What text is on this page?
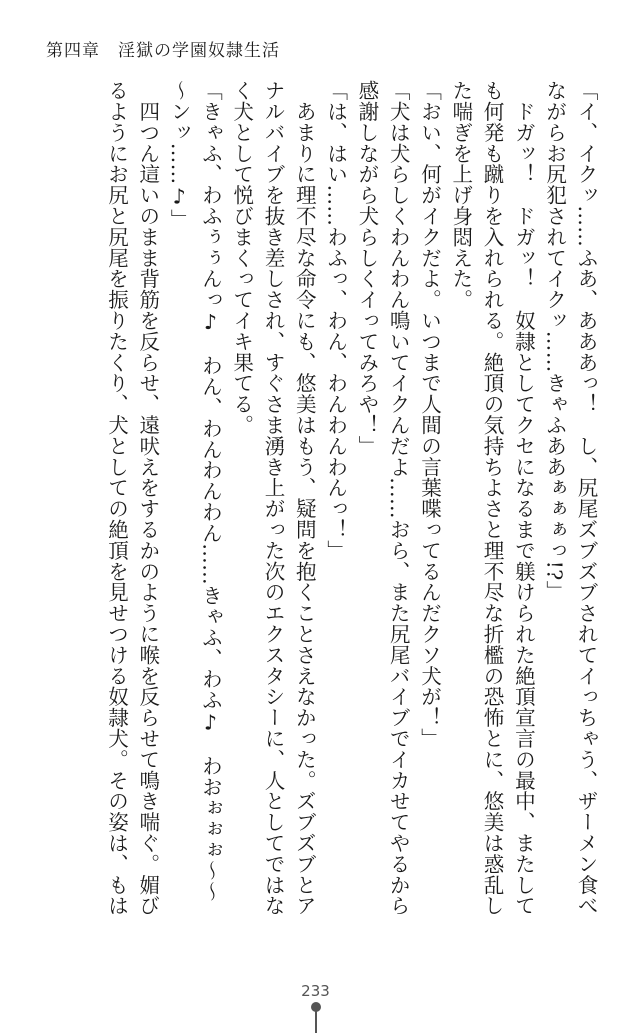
第四章　淫獄の学園奴隷生活
「イ、イクッ……ふあ、あああっ！　し、尻尾ズブズブされてイっちゃう、ザーメン食べ
ながらお尻犯されてイクッ……きゃふああぁぁぁっ!?」
　ドガッ！　ドガッ！　奴隷としてクセになるまで躾けられた絶頂宣言の最中、またして
も何発も蹴りを入れられる。絶頂の気持ちよさと理不尽な折檻の恐怖とに、悠美は惑乱し
た喘ぎを上げ身悶えた。
「おい、何がイクだよ。いつまで人間の言葉喋ってるんだクソ犬が！」
「犬は犬らしくわんわん鳴いてイクんだよ……おら、また尻尾バイブでイカせてやるから
感謝しながら犬らしくイってみろや！」
「は、はい……わふっ、わん、わんわんわんっ！」
　あまりに理不尽な命令にも、悠美はもう、疑問を抱くことさえなかった。ズブズブとア
ナルバイブを抜き差しされ、すぐさま湧き上がった次のエクスタシーに、人としてではな
く犬として悦びまくってイキ果てる。
「きゃふ、わふぅぅんっ♪　わん、わんわんわん……きゃふ、わふ♪　わおぉぉぉ～～
～ンッ……♪」
　四つん這いのまま背筋を反らせ、遠吠えをするかのように喉を反らせて鳴き喘ぐ。媚び
るようにお尻と尻尾を振りたくり、犬としての絶頂を見せつける奴隷犬。その姿は、もは
233
